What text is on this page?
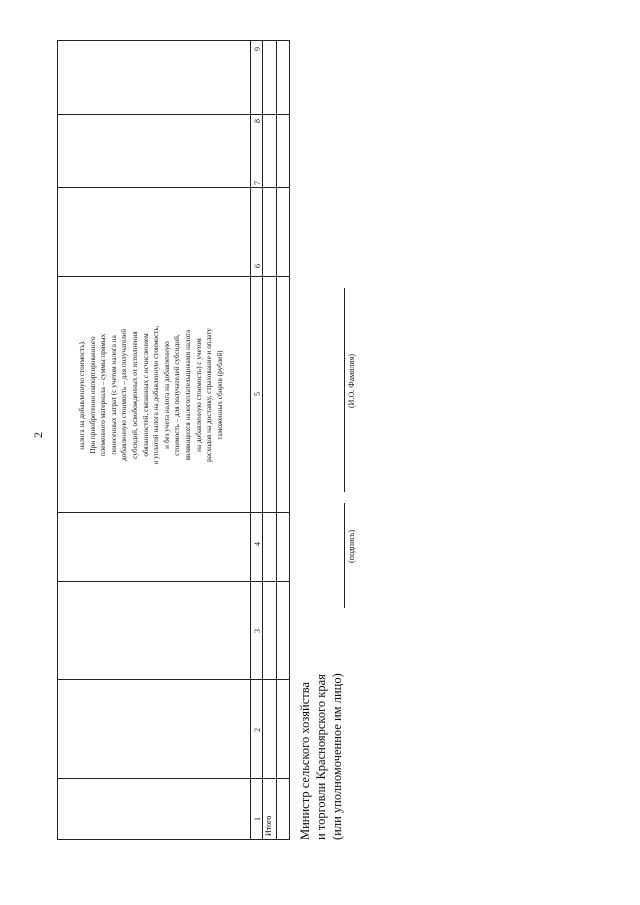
2	налога на добавленную стоимость).
При приобретении импортированного
племенного материала – суммы прямых
понесенных затрат (с учетом налога на
добавленную стоимость – для получателей
субсидий, освобожденных от исполнения
обязанностей, связанных с исчислением
и уплатой налога на добавленную стоимость,
и без учета налога на добавленную
стоимость – для получателей субсидий,
являющихся налогоплательщиками налога
на добавленную стоимость) с учетом
расходов на доставку, страхование и оплату
таможенных сборов (рублей)
1
2
3
4
5
6
7
8
9
Итого Министр сельского хозяйства
и торговли Красноярского края
(или уполномоченное им лицо)
(подпись)
(И.О. Фамилия)
